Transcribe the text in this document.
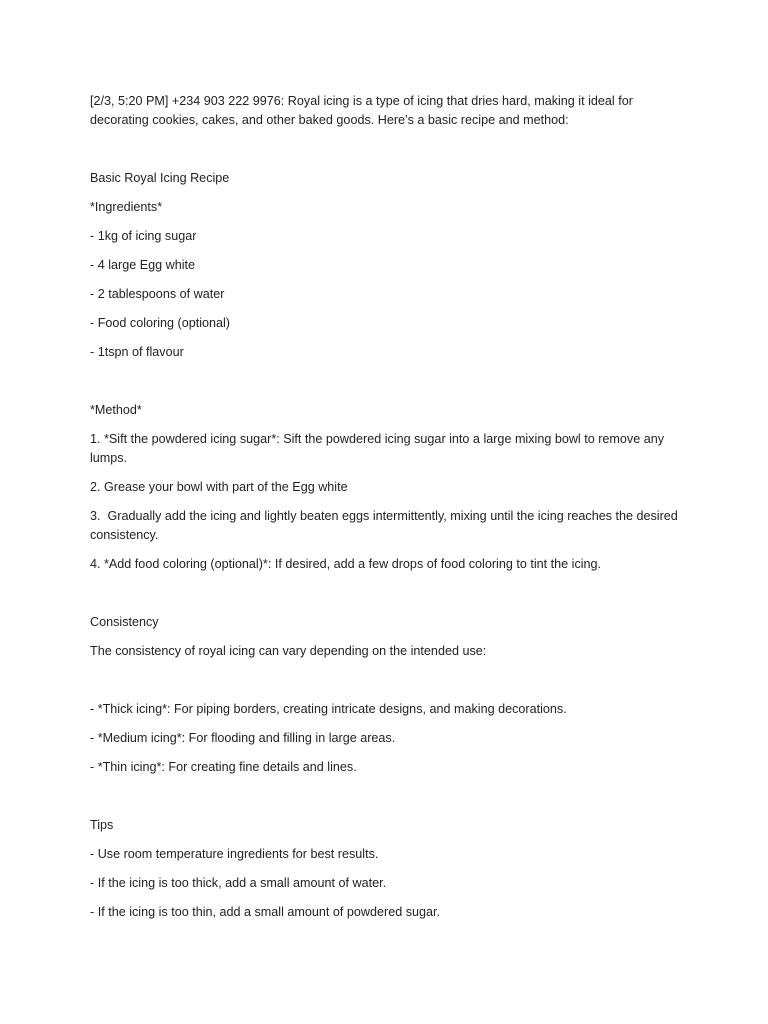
[2/3, 5:20 PM] +234 903 222 9976: Royal icing is a type of icing that dries hard, making it ideal for decorating cookies, cakes, and other baked goods. Here’s a basic recipe and method:

Basic Royal Icing Recipe

*Ingredients*

- 1kg of icing sugar

- 4 large Egg white

- 2 tablespoons of water

- Food coloring (optional)

- 1tspn of flavour

*Method*

1. *Sift the powdered icing sugar*: Sift the powdered icing sugar into a large mixing bowl to remove any lumps.

2. Grease your bowl with part of the Egg white

3.  Gradually add the icing and lightly beaten eggs intermittently, mixing until the icing reaches the desired consistency.

4. *Add food coloring (optional)*: If desired, add a few drops of food coloring to tint the icing.

Consistency

The consistency of royal icing can vary depending on the intended use:

- *Thick icing*: For piping borders, creating intricate designs, and making decorations.

- *Medium icing*: For flooding and filling in large areas.

- *Thin icing*: For creating fine details and lines.

Tips

- Use room temperature ingredients for best results.

- If the icing is too thick, add a small amount of water.

- If the icing is too thin, add a small amount of powdered sugar.
